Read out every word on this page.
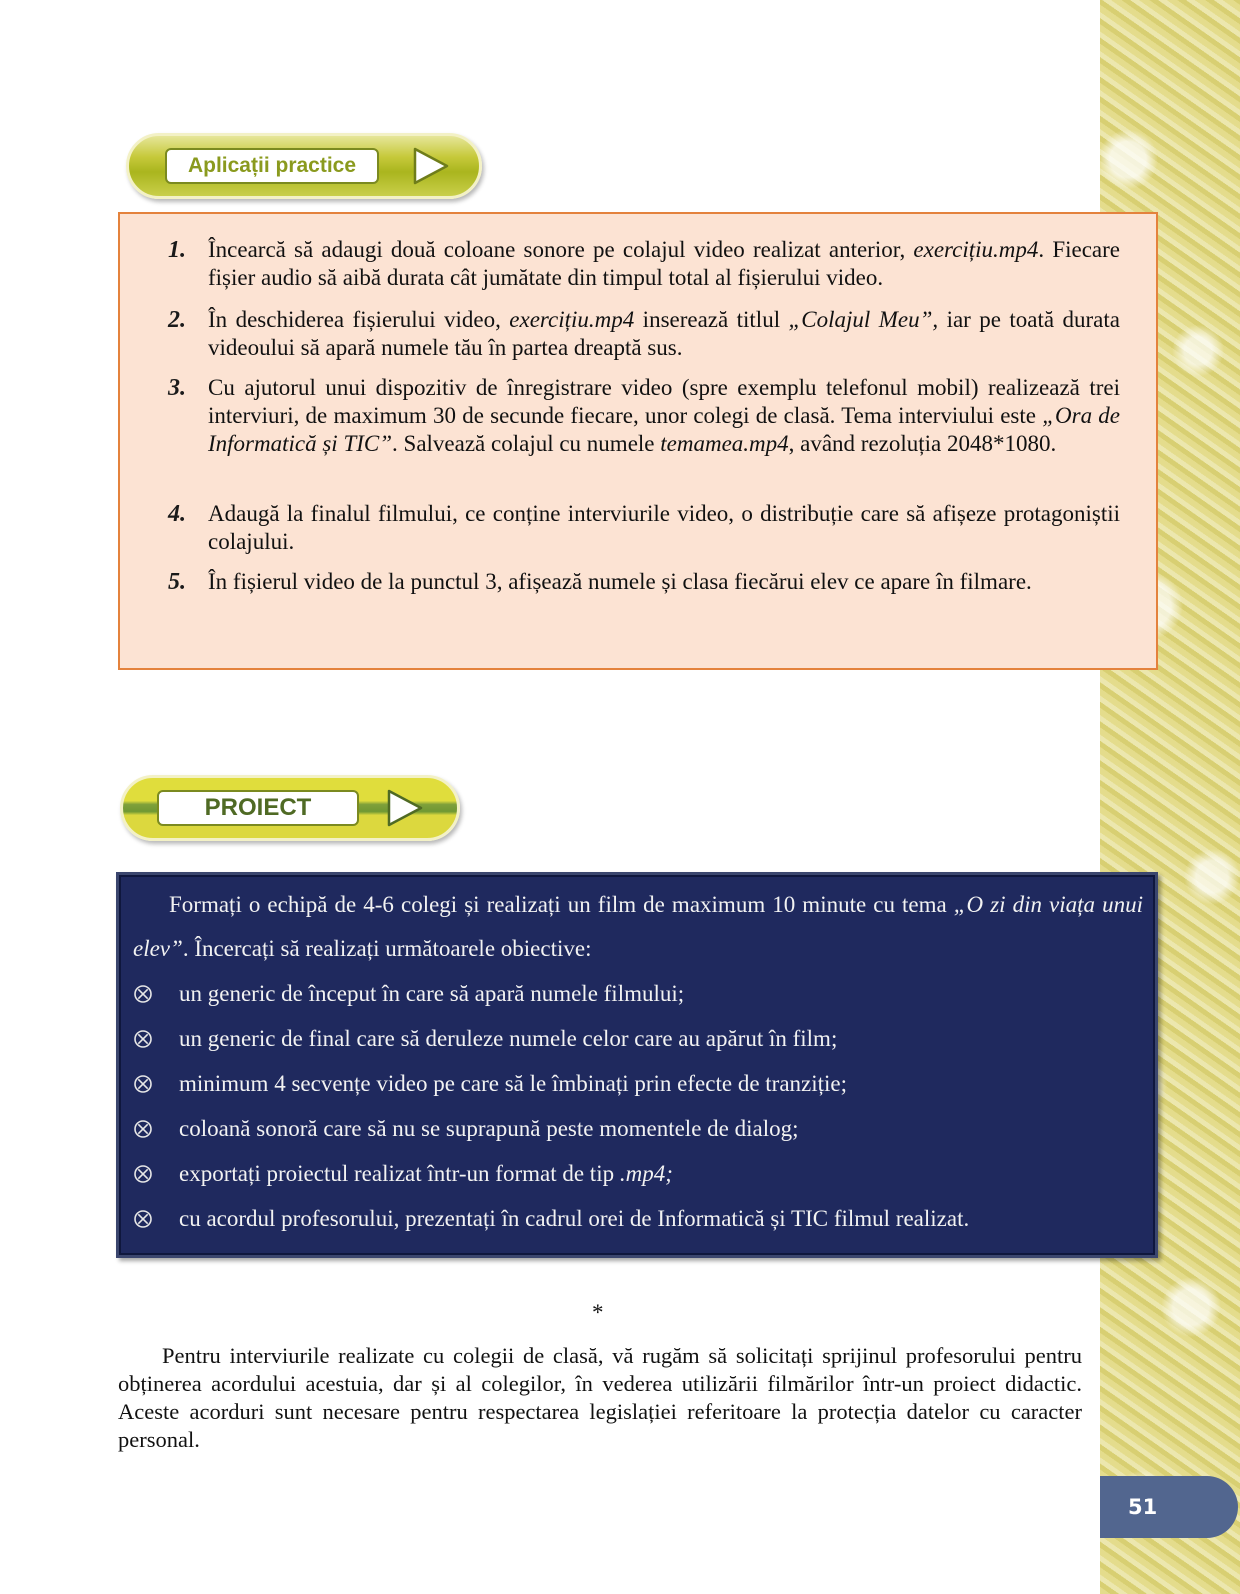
51
Aplicații practice
1. Încearcă să adaugi două coloane sonore pe colajul video realizat anterior, exercițiu.mp4. Fiecare fișier audio să aibă durata cât jumătate din timpul total al fișierului video.
2. În deschiderea fișierului video, exercițiu.mp4 inserează titlul „Colajul Meu”, iar pe toată durata videoului să apară numele tău în partea dreaptă sus.
3. Cu ajutorul unui dispozitiv de înregistrare video (spre exemplu telefonul mobil) realizează trei interviuri, de maximum 30 de secunde fiecare, unor colegi de clasă. Tema interviului este „Ora de Informatică și TIC”. Salvează colajul cu numele temamea.mp4, având rezoluția 2048*1080.
4. Adaugă la finalul filmului, ce conține interviurile video, o distribuție care să afișeze protagoniștii colajului.
5. În fișierul video de la punctul 3, afișează numele și clasa fiecărui elev ce apare în filmare.
PROIECT
Formați o echipă de 4-6 colegi și realizați un film de maximum 10 minute cu tema „O zi din viața unui elev”. Încercați să realizați următoarele obiective:
un generic de început în care să apară numele filmului;
un generic de final care să deruleze numele celor care au apărut în film;
minimum 4 secvențe video pe care să le îmbinați prin efecte de tranziție;
coloană sonoră care să nu se suprapună peste momentele de dialog;
exportați proiectul realizat într-un format de tip .mp4;
cu acordul profesorului, prezentați în cadrul orei de Informatică și TIC filmul realizat.
*
Pentru interviurile realizate cu colegii de clasă, vă rugăm să solicitați sprijinul profesorului pentru obținerea acordului acestuia, dar și al colegilor, în vederea utilizării filmărilor într-un proiect didactic. Aceste acorduri sunt necesare pentru respectarea legislației referitoare la protecția datelor cu caracter personal.
